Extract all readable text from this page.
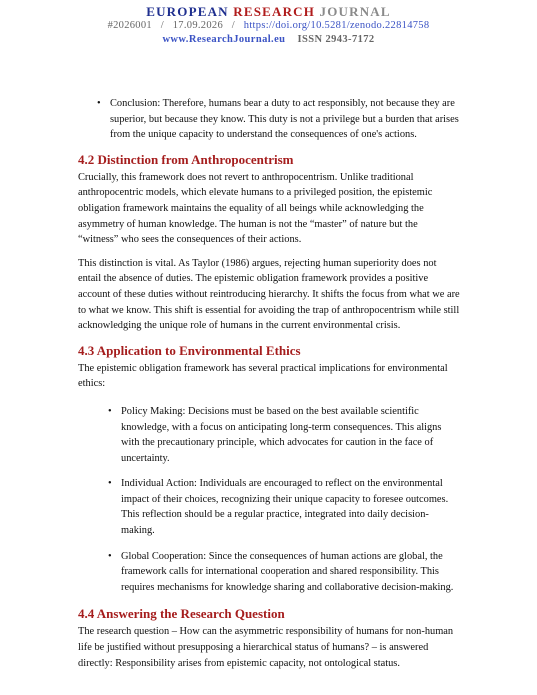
EUROPEAN RESEARCH JOURNAL
#2026001 / 17.09.2026 / https://doi.org/10.5281/zenodo.22814758
www.ResearchJournal.eu ISSN 2943-7172
• Conclusion: Therefore, humans bear a duty to act responsibly, not because they are superior, but because they know. This duty is not a privilege but a burden that arises from the unique capacity to understand the consequences of one's actions.
4.2 Distinction from Anthropocentrism

Crucially, this framework does not revert to anthropocentrism. Unlike traditional anthropocentric models, which elevate humans to a privileged position, the epistemic obligation framework maintains the equality of all beings while acknowledging the asymmetry of human knowledge. The human is not the “master” of nature but the “witness” who sees the consequences of their actions.

This distinction is vital. As Taylor (1986) argues, rejecting human superiority does not entail the absence of duties. The epistemic obligation framework provides a positive account of these duties without reintroducing hierarchy. It shifts the focus from what we are to what we know. This shift is essential for avoiding the trap of anthropocentrism while still acknowledging the unique role of humans in the current environmental crisis.

4.3 Application to Environmental Ethics

The epistemic obligation framework has several practical implications for environmental ethics:

• Policy Making: Decisions must be based on the best available scientific knowledge, with a focus on anticipating long-term consequences. This aligns with the precautionary principle, which advocates for caution in the face of uncertainty.
• Individual Action: Individuals are encouraged to reflect on the environmental impact of their choices, recognizing their unique capacity to foresee outcomes. This reflection should be a regular practice, integrated into daily decision-making.
• Global Cooperation: Since the consequences of human actions are global, the framework calls for international cooperation and shared responsibility. This requires mechanisms for knowledge sharing and collaborative decision-making.
4.4 Answering the Research Question

The research question – How can the asymmetric responsibility of humans for non-human life be justified without presupposing a hierarchical status of humans? – is answered directly: Responsibility arises from epistemic capacity, not ontological status.
